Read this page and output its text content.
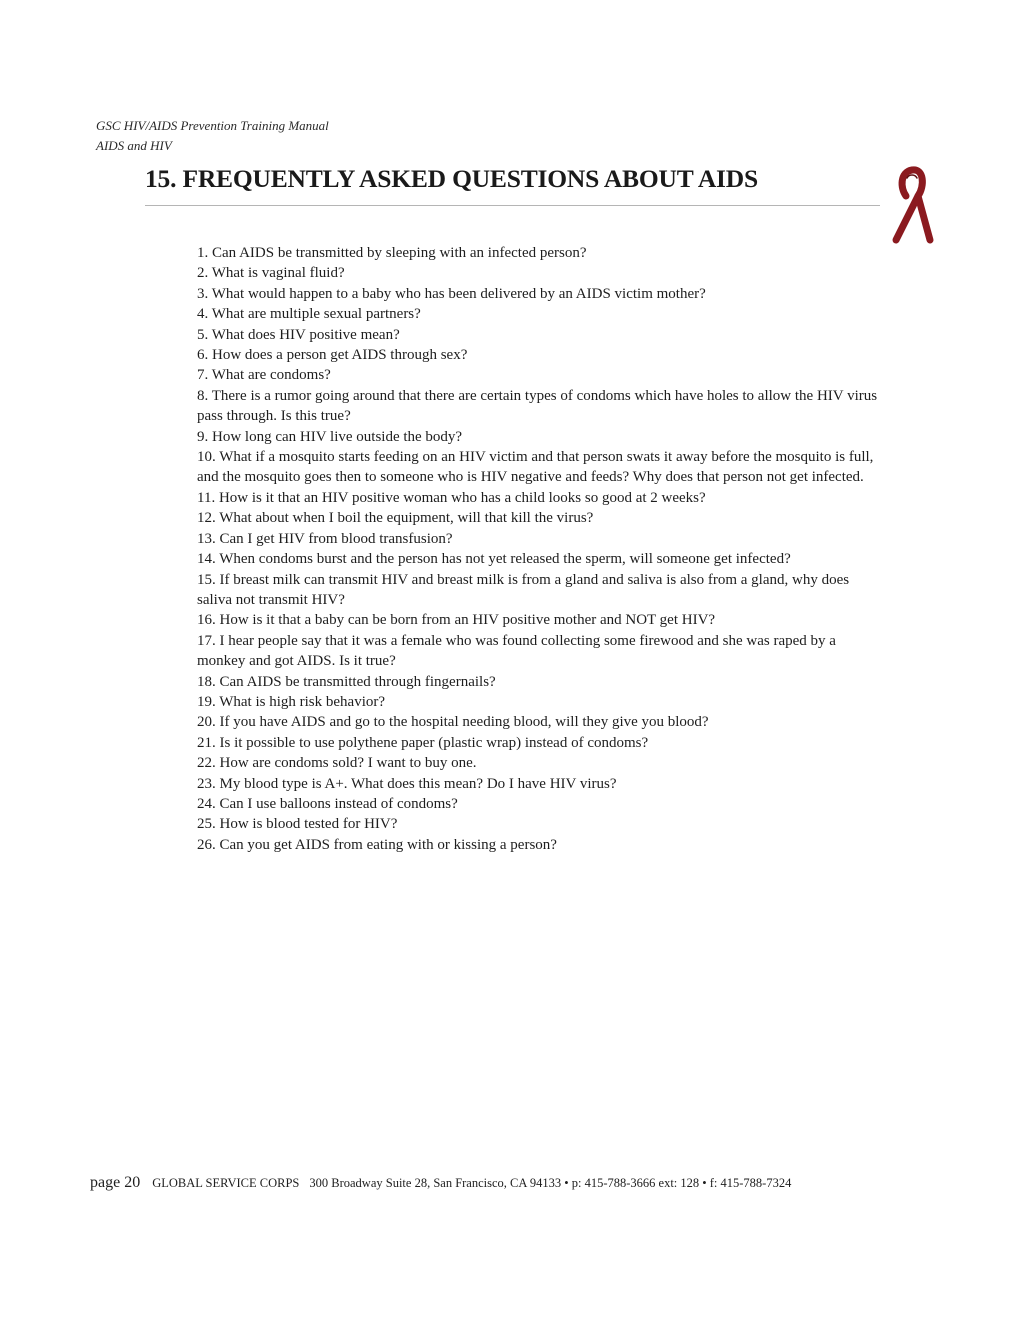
GSC HIV/AIDS Prevention Training Manual
AIDS and HIV
15. FREQUENTLY ASKED QUESTIONS ABOUT AIDS
1. Can AIDS be transmitted by sleeping with an infected person?
2. What is vaginal fluid?
3. What would happen to a baby who has been delivered by an AIDS victim mother?
4. What are multiple sexual partners?
5. What does HIV positive mean?
6. How does a person get AIDS through sex?
7. What are condoms?
8. There is a rumor going around that there are certain types of condoms which have holes to allow the HIV virus pass through. Is this true?
9. How long can HIV live outside the body?
10. What if a mosquito starts feeding on an HIV victim and that person swats it away before the mosquito is full, and the mosquito goes then to someone who is HIV negative and feeds? Why does that person not get infected.
11. How is it that an HIV positive woman who has a child looks so good at 2 weeks?
12. What about when I boil the equipment, will that kill the virus?
13. Can I get HIV from blood transfusion?
14. When condoms burst and the person has not yet released the sperm, will someone get infected?
15. If breast milk can transmit HIV and breast milk is from a gland and saliva is also from a gland, why does saliva not transmit HIV?
16. How is it that a baby can be born from an HIV positive mother and NOT get HIV?
17. I hear people say that it was a female who was found collecting some firewood and she was raped by a monkey and got AIDS. Is it true?
18. Can AIDS be transmitted through fingernails?
19. What is high risk behavior?
20. If you have AIDS and go to the hospital needing blood, will they give you blood?
21. Is it possible to use polythene paper (plastic wrap) instead of condoms?
22. How are condoms sold? I want to buy one.
23. My blood type is A+. What does this mean? Do I have HIV virus?
24. Can I use balloons instead of condoms?
25. How is blood tested for HIV?
26. Can you get AIDS from eating with or kissing a person?
page 20 GLOBAL SERVICE CORPS 300 Broadway Suite 28, San Francisco, CA 94133 • p: 415-788-3666 ext: 128 • f: 415-788-7324
